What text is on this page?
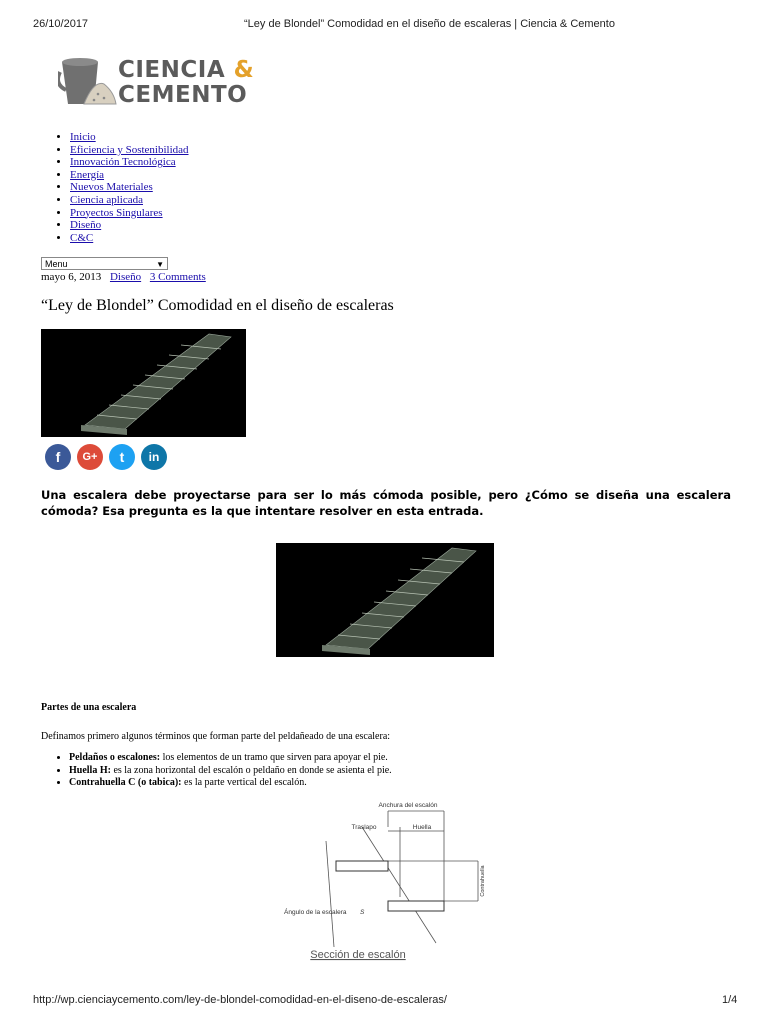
26/10/2017	“Ley de Blondel” Comodidad en el diseño de escaleras | Ciencia & Cemento
CIENCIA &
CEMENTO
• Inicio
• Eficiencia y Sostenibilidad
• Innovación Tecnológica
• Energía
• Nuevos Materiales
• Ciencia aplicada
• Proyectos Singulares
• Diseño
• C&C
Menu	▼
mayo 6, 2013 Diseño 3 Comments
“Ley de Blondel” Comodidad en el diseño de escaleras
f	G+	t	in

Una escalera debe proyectarse para ser lo más cómoda posible, pero ¿Cómo se diseña una escalera cómoda? Esa pregunta es la que intentare resolver en esta entrada.

Partes de una escalera

Definamos primero algunos términos que forman parte del peldañeado de una escalera:

• Peldaños o escalones: los elementos de un tramo que sirven para apoyar el pie.
• Huella H: es la zona horizontal del escalón o peldaño en donde se asienta el pie.
• Contrahuella C (o tabica): es la parte vertical del escalón.
Anchura del escalón
Traslapo	Huella
Contrahuella
Ángulo de la escalera S
Sección de escalón
http://wp.cienciaycemento.com/ley-de-blondel-comodidad-en-el-diseno-de-escaleras/	1/4
